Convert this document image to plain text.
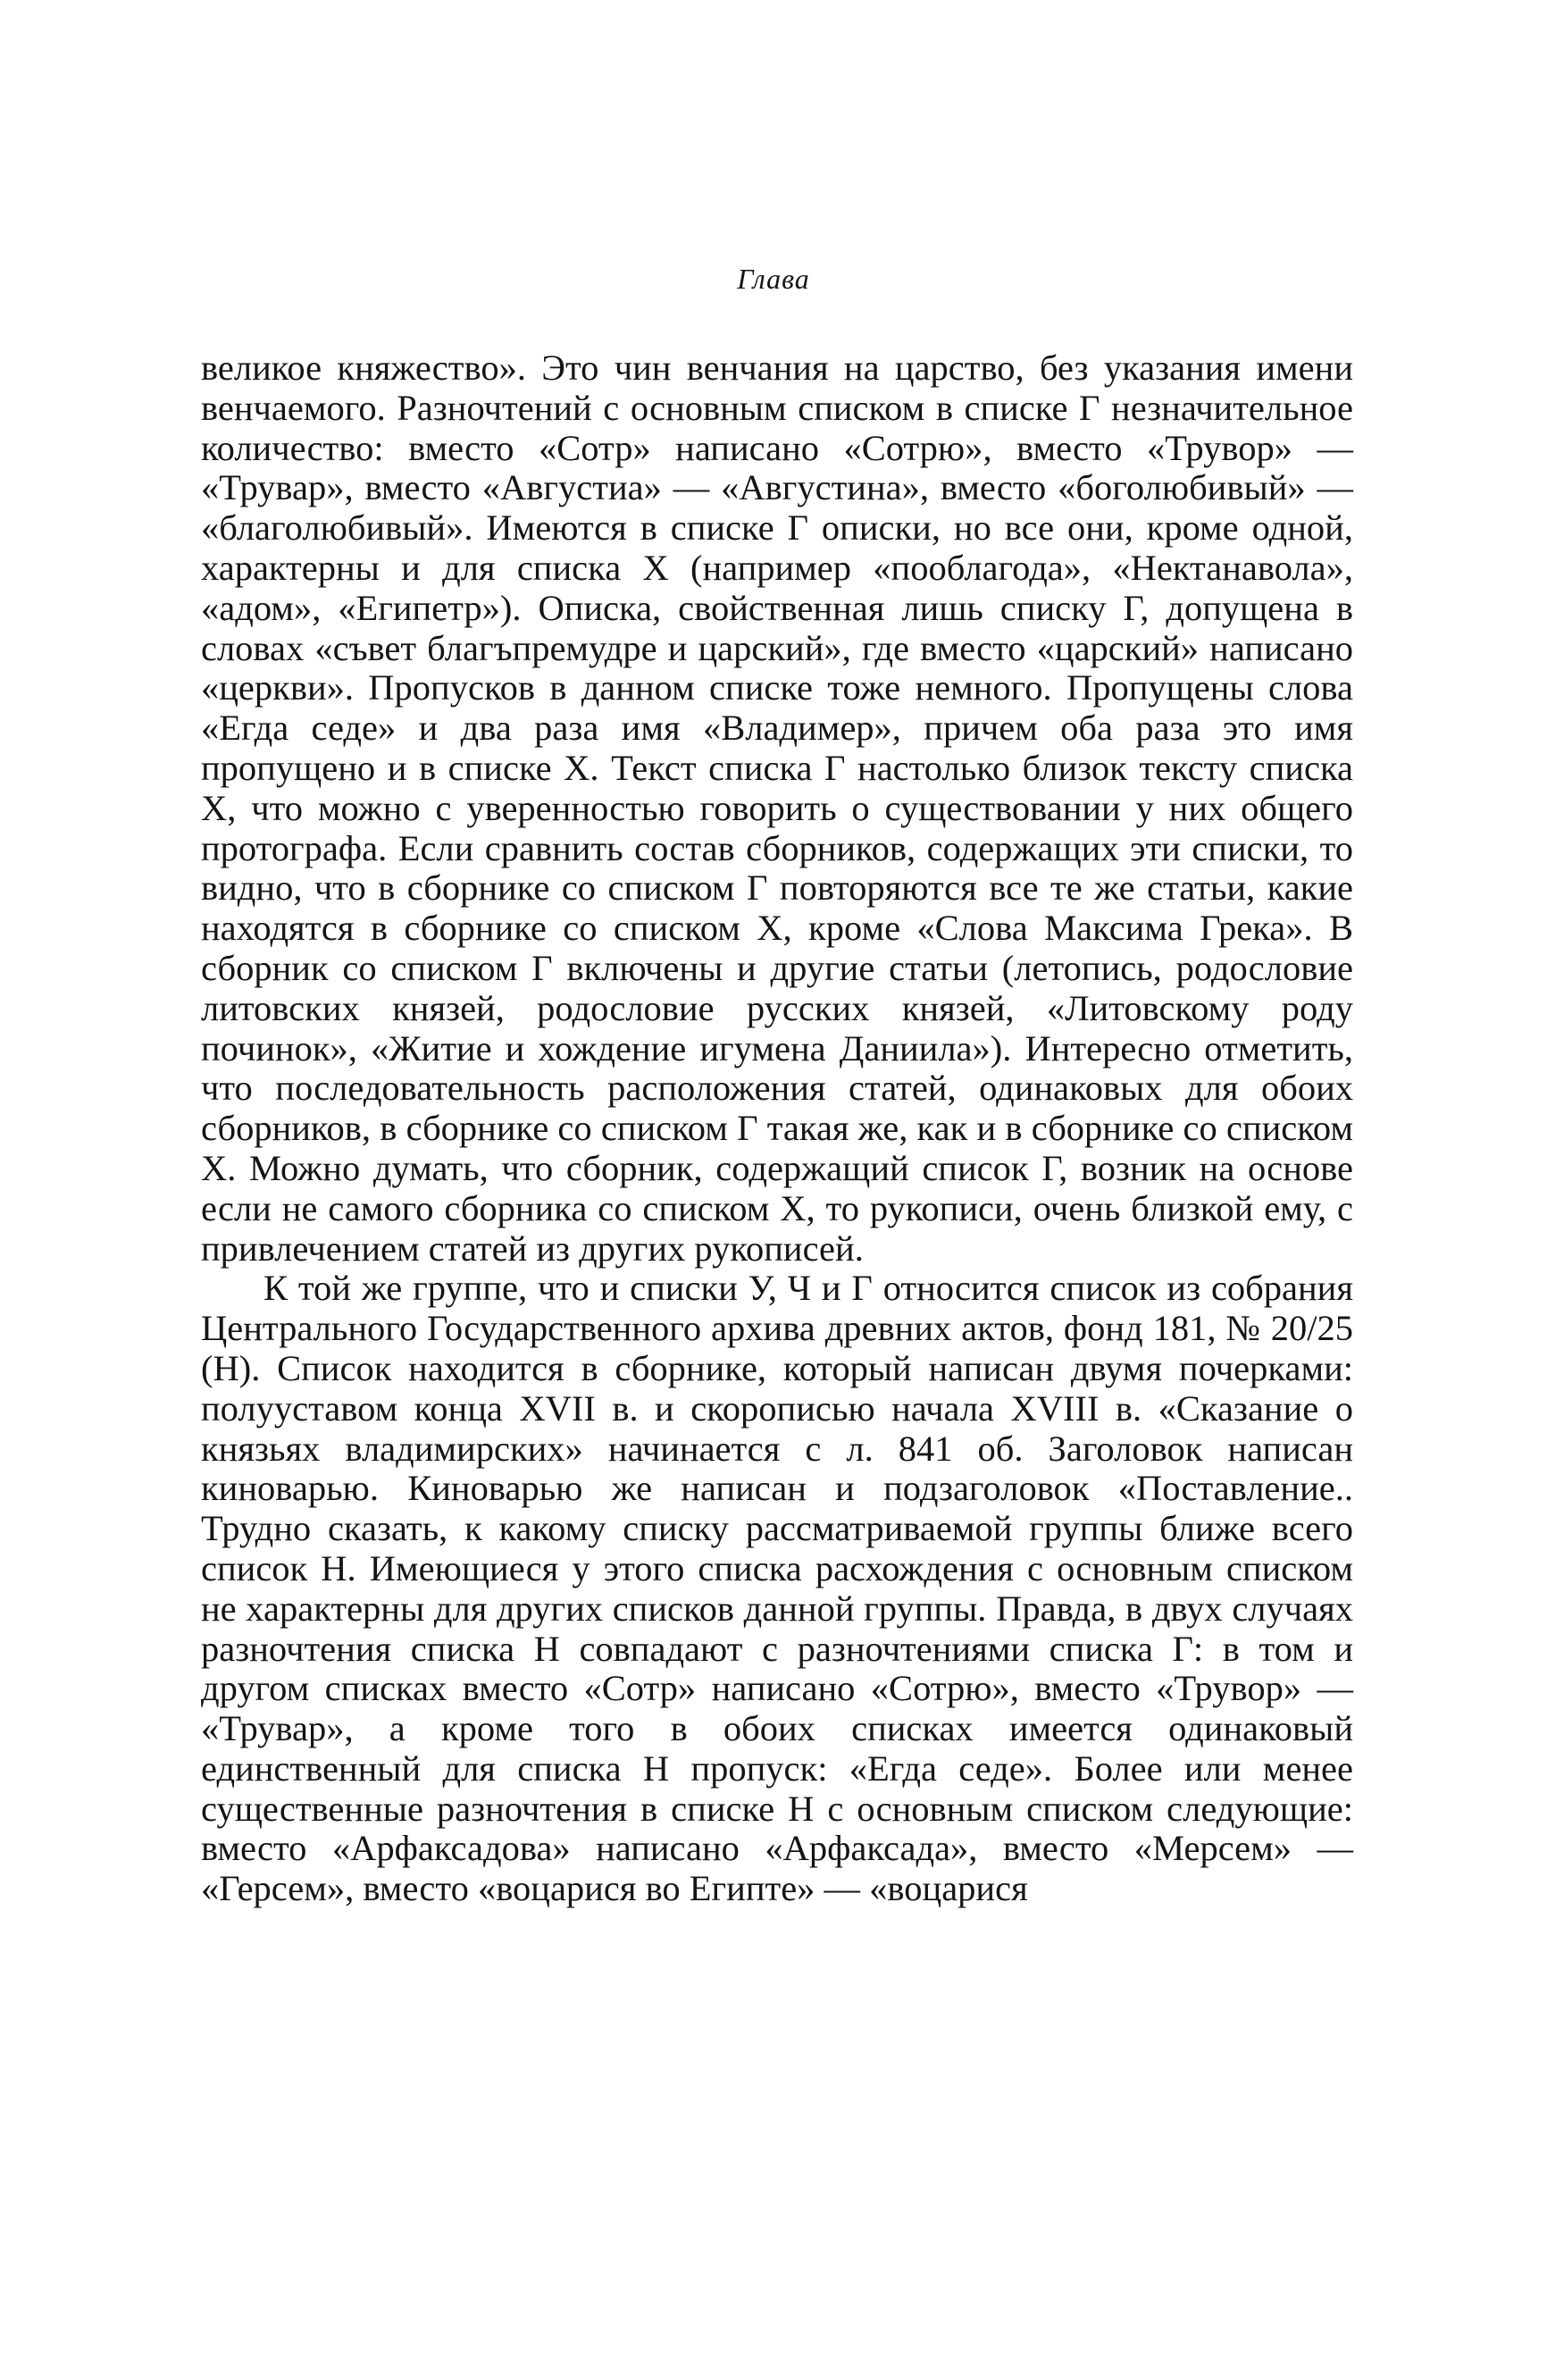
Глава

великое княжество». Это чин венчания на царство, без указания имени венчаемого. Разночтений с основным списком в списке Г незначительное количество: вместо «Сотр» написано «Сотрю», вместо «Трувор» — «Трувар», вместо «Августиа» — «Августина», вместо «боголюбивый» — «благолюбивый». Имеются в списке Г описки, но все они, кроме одной, характерны и для списка X (например «пооблагода», «Нектанавола», «адом», «Египетр»). Описка, свойственная лишь списку Г, допущена в словах «съвет благъпремудре и царский», где вместо «царский» написано «церкви». Пропусков в данном списке тоже немного. Пропущены слова «Егда седе» и два раза имя «Владимер», причем оба раза это имя пропущено и в списке X. Текст списка Г настолько близок тексту списка X, что можно с уверенностью говорить о существовании у них общего протографа. Если сравнить состав сборников, содержащих эти списки, то видно, что в сборнике со списком Г повторяются все те же статьи, какие находятся в сборнике со списком X, кроме «Слова Максима Грека». В сборник со списком Г включены и другие статьи (летопись, родословие литовских князей, родословие русских князей, «Литовскому роду починок», «Житие и хождение игумена Даниила»). Интересно отметить, что последовательность расположения статей, одинаковых для обоих сборников, в сборнике со списком Г такая же, как и в сборнике со списком X. Можно думать, что сборник, содержащий список Г, возник на основе если не самого сборника со списком X, то рукописи, очень близкой ему, с привлечением статей из других рукописей.

К той же группе, что и списки У, Ч и Г относится список из собрания Центрального Государственного архива древних актов, фонд 181, № 20/25 (Н). Список находится в сборнике, который написан двумя почерками: полууставом конца XVII в. и скорописью начала XVIII в. «Сказание о князьях владимирских» начинается с л. 841 об. Заголовок написан киноварью. Киноварью же написан и подзаголовок «Поставление.. Трудно сказать, к какому списку рассматриваемой группы ближе всего список Н. Имеющиеся у этого списка расхождения с основным списком не характерны для других списков данной группы. Правда, в двух случаях разночтения списка Н совпадают с разночтениями списка Г: в том и другом списках вместо «Сотр» написано «Сотрю», вместо «Трувор» — «Трувар», а кроме того в обоих списках имеется одинаковый единственный для списка Н пропуск: «Егда седе». Более или менее существенные разночтения в списке Н с основным списком следующие: вместо «Арфаксадова» написано «Арфаксада», вместо «Мерсем» — «Герсем», вместо «воцарися во Египте» — «воцарися
